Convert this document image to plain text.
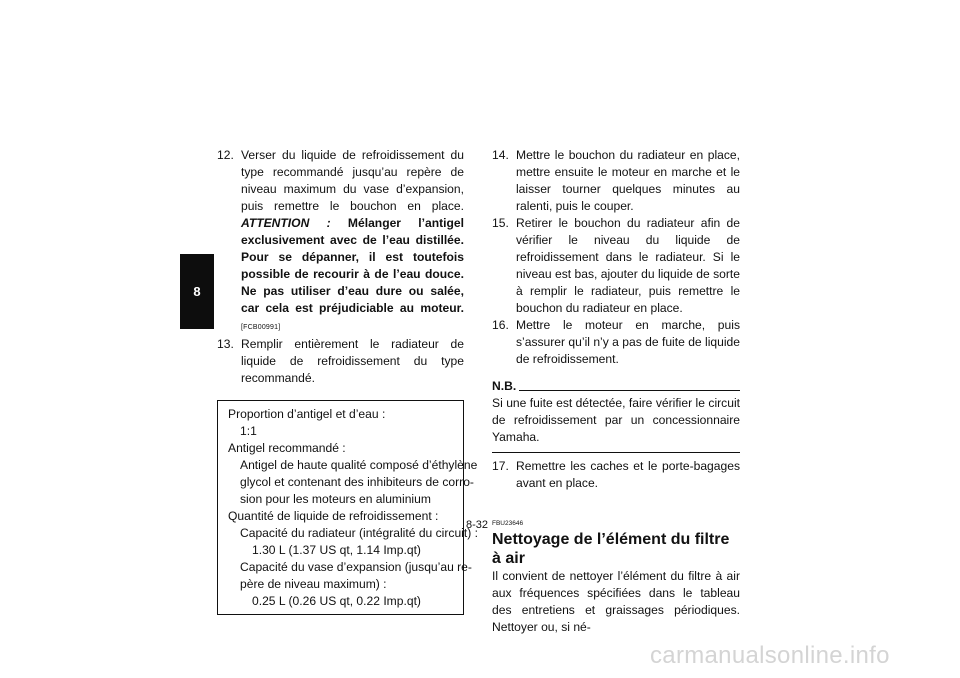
8
12. Verser du liquide de refroidissement du type recommandé jusqu’au repère de niveau maximum du vase d’expansion, puis remettre le bouchon en place. ATTENTION : Mélanger l’antigel exclusivement avec de l’eau distillée. Pour se dépanner, il est toutefois possible de recourir à de l’eau douce. Ne pas utiliser d’eau dure ou salée, car cela est préjudiciable au moteur. [FCB00991]
13. Remplir entièrement le radiateur de liquide de refroidissement du type recommandé.
Proportion d’antigel et d’eau :
1:1
Antigel recommandé :
Antigel de haute qualité composé d’éthylène
glycol et contenant des inhibiteurs de corro-
sion pour les moteurs en aluminium
Quantité de liquide de refroidissement :
Capacité du radiateur (intégralité du circuit) :
1.30 L (1.37 US qt, 1.14 Imp.qt)
Capacité du vase d’expansion (jusqu’au re-
père de niveau maximum) :
0.25 L (0.26 US qt, 0.22 Imp.qt)
14. Mettre le bouchon du radiateur en place, mettre ensuite le moteur en marche et le laisser tourner quelques minutes au ralenti, puis le couper.
15. Retirer le bouchon du radiateur afin de vérifier le niveau du liquide de refroidissement dans le radiateur. Si le niveau est bas, ajouter du liquide de sorte à remplir le radiateur, puis remettre le bouchon du radiateur en place.
16. Mettre le moteur en marche, puis s’assurer qu’il n’y a pas de fuite de liquide de refroidissement.
N.B.
Si une fuite est détectée, faire vérifier le circuit de refroidissement par un concessionnaire Yamaha.
17. Remettre les caches et le porte-bagages avant en place.
FBU23646
Nettoyage de l’élément du filtre à air
Il convient de nettoyer l’élément du filtre à air aux fréquences spécifiées dans le tableau des entretiens et graissages périodiques. Nettoyer ou, si né-
8-32
carmanualsonline.info
